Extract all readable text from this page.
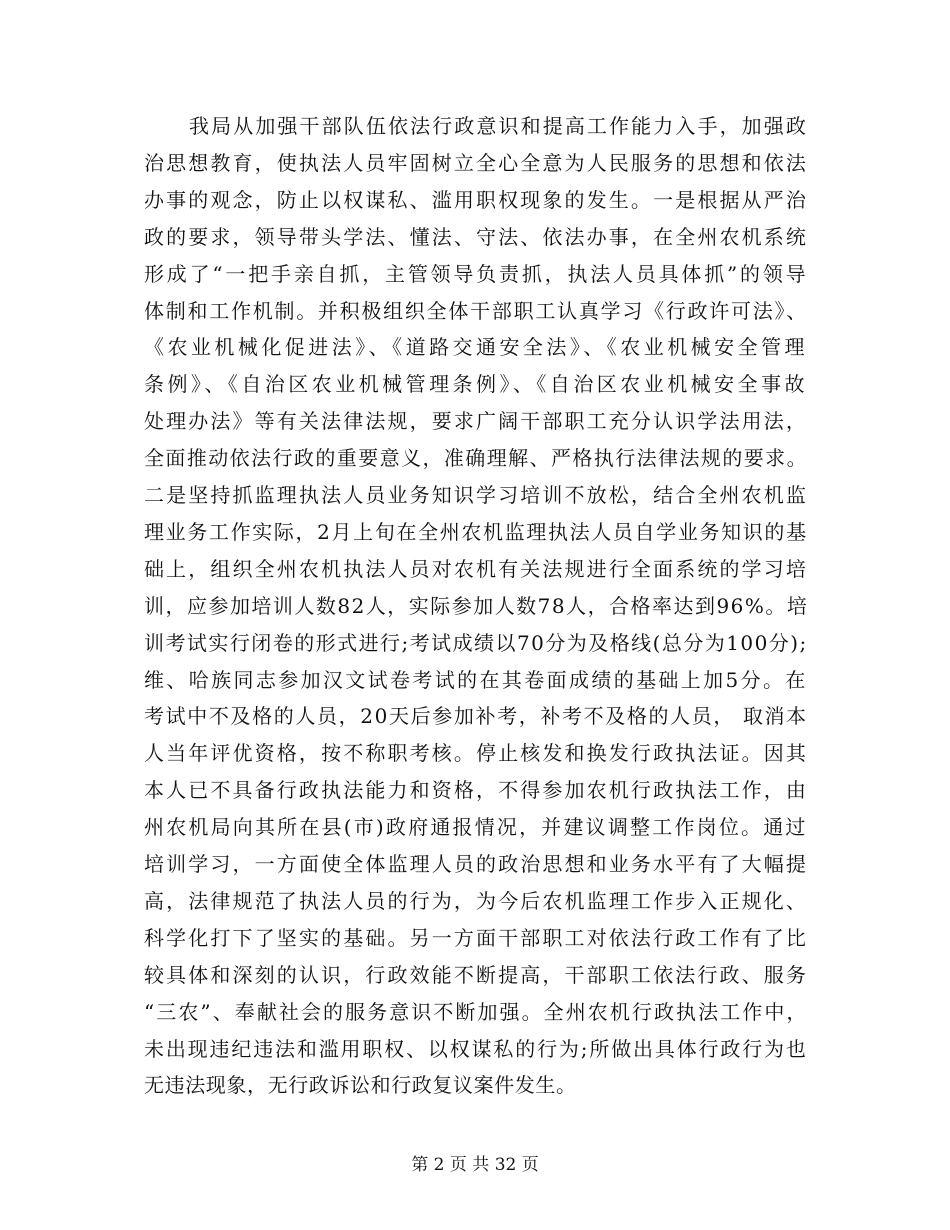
我局从加强干部队伍依法行政意识和提高工作能力入手，加强政
治思想教育，使执法人员牢固树立全心全意为人民服务的思想和依法
办事的观念，防止以权谋私、滥用职权现象的发生。一是根据从严治
政的要求，领导带头学法、懂法、守法、依法办事，在全州农机系统
形成了“一把手亲自抓，主管领导负责抓，执法人员具体抓”的领导
体制和工作机制。并积极组织全体干部职工认真学习《行政许可法》、
《农业机械化促进法》、《道路交通安全法》、《农业机械安全管理
条例》、《自治区农业机械管理条例》、《自治区农业机械安全事故
处理办法》等有关法律法规，要求广阔干部职工充分认识学法用法，
全面推动依法行政的重要意义，准确理解、严格执行法律法规的要求。
二是坚持抓监理执法人员业务知识学习培训不放松，结合全州农机监
理业务工作实际，2月上旬在全州农机监理执法人员自学业务知识的基
础上，组织全州农机执法人员对农机有关法规进行全面系统的学习培
训，应参加培训人数82人，实际参加人数78人，合格率达到96%。培
训考试实行闭卷的形式进行;考试成绩以70分为及格线(总分为100分);
维、哈族同志参加汉文试卷考试的在其卷面成绩的基础上加5分。在
考试中不及格的人员，20天后参加补考，补考不及格的人员， 取消本
人当年评优资格，按不称职考核。停止核发和换发行政执法证。因其
本人已不具备行政执法能力和资格，不得参加农机行政执法工作，由
州农机局向其所在县(市)政府通报情况，并建议调整工作岗位。通过
培训学习，一方面使全体监理人员的政治思想和业务水平有了大幅提
高，法律规范了执法人员的行为，为今后农机监理工作步入正规化、
科学化打下了坚实的基础。另一方面干部职工对依法行政工作有了比
较具体和深刻的认识，行政效能不断提高，干部职工依法行政、服务
“三农”、奉献社会的服务意识不断加强。全州农机行政执法工作中，
未出现违纪违法和滥用职权、以权谋私的行为;所做出具体行政行为也
无违法现象，无行政诉讼和行政复议案件发生。
第 2 页 共 32 页
